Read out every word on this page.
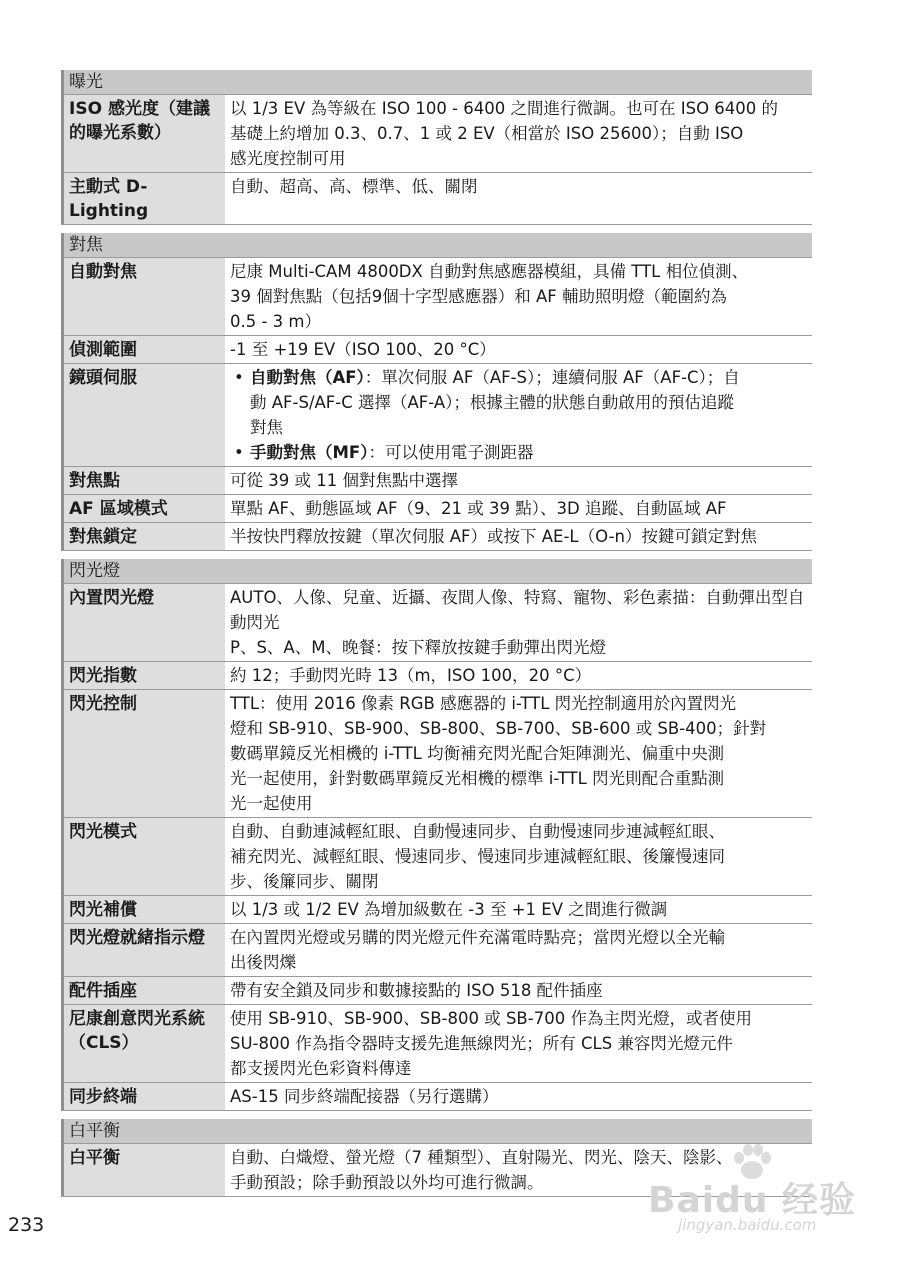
曝光
ISO 感光度（建議的曝光系數）
以 1/3 EV 為等級在 ISO 100 - 6400 之間進行微調。也可在 ISO 6400 的
基礎上約增加 0.3、0.7、1 或 2 EV（相當於 ISO 25600）；自動 ISO
感光度控制可用
主動式 D-Lighting
自動、超高、高、標準、低、關閉
對焦
自動對焦	尼康 Multi-CAM 4800DX 自動對焦感應器模組，具備 TTL 相位偵測、
39 個對焦點（包括9個十字型感應器）和 AF 輔助照明燈（範圍約為
0.5 - 3 m）
偵測範圍	-1 至 +19 EV（ISO 100、20 °C）
鏡頭伺服
•	自動對焦（AF）：單次伺服 AF（AF-S）；連續伺服 AF（AF-C）；自
動 AF-S/AF-C 選擇（AF-A）；根據主體的狀態自動啟用的預估追蹤
對焦
• 手動對焦（MF）：可以使用電子測距器
對焦點	可從 39 或 11 個對焦點中選擇
AF 區域模式	單點 AF、動態區域 AF（9、21 或 39 點）、3D 追蹤、自動區域 AF
對焦鎖定	半按快門釋放按鍵（單次伺服 AF）或按下 AE-L（O-n）按鍵可鎖定對焦
閃光燈
內置閃光燈	AUTO、人像、兒童、近攝、夜間人像、特寫、寵物、彩色素描：自動彈出型自動閃光
P、S、A、M、晚餐：按下釋放按鍵手動彈出閃光燈
閃光指數	約 12；手動閃光時 13（m，ISO 100，20 °C）
閃光控制	TTL：使用 2016 像素 RGB 感應器的 i-TTL 閃光控制適用於內置閃光
燈和 SB-910、SB-900、SB-800、SB-700、SB-600 或 SB-400；針對
數碼單鏡反光相機的 i-TTL 均衡補充閃光配合矩陣測光、偏重中央測
光一起使用，針對數碼單鏡反光相機的標準 i-TTL 閃光則配合重點測
光一起使用
閃光模式	自動、自動連減輕紅眼、自動慢速同步、自動慢速同步連減輕紅眼、
補充閃光、減輕紅眼、慢速同步、慢速同步連減輕紅眼、後簾慢速同
步、後簾同步、關閉
閃光補償	以 1/3 或 1/2 EV 為增加級數在 -3 至 +1 EV 之間進行微調
閃光燈就緒指示燈	在內置閃光燈或另購的閃光燈元件充滿電時點亮；當閃光燈以全光輸
出後閃爍
配件插座	帶有安全鎖及同步和數據接點的 ISO 518 配件插座
尼康創意閃光系統（CLS）
使用 SB-910、SB-900、SB-800 或 SB-700 作為主閃光燈，或者使用
SU-800 作為指令器時支援先進無線閃光；所有 CLS 兼容閃光燈元件
都支援閃光色彩資料傳達
同步終端	AS-15 同步終端配接器（另行選購）
白平衡
白平衡	自動、白熾燈、螢光燈（7 種類型）、直射陽光、閃光、陰天、陰影、
手動預設；除手動預設以外均可進行微調。
233
Baidu 经验
jingyan.baidu.com
